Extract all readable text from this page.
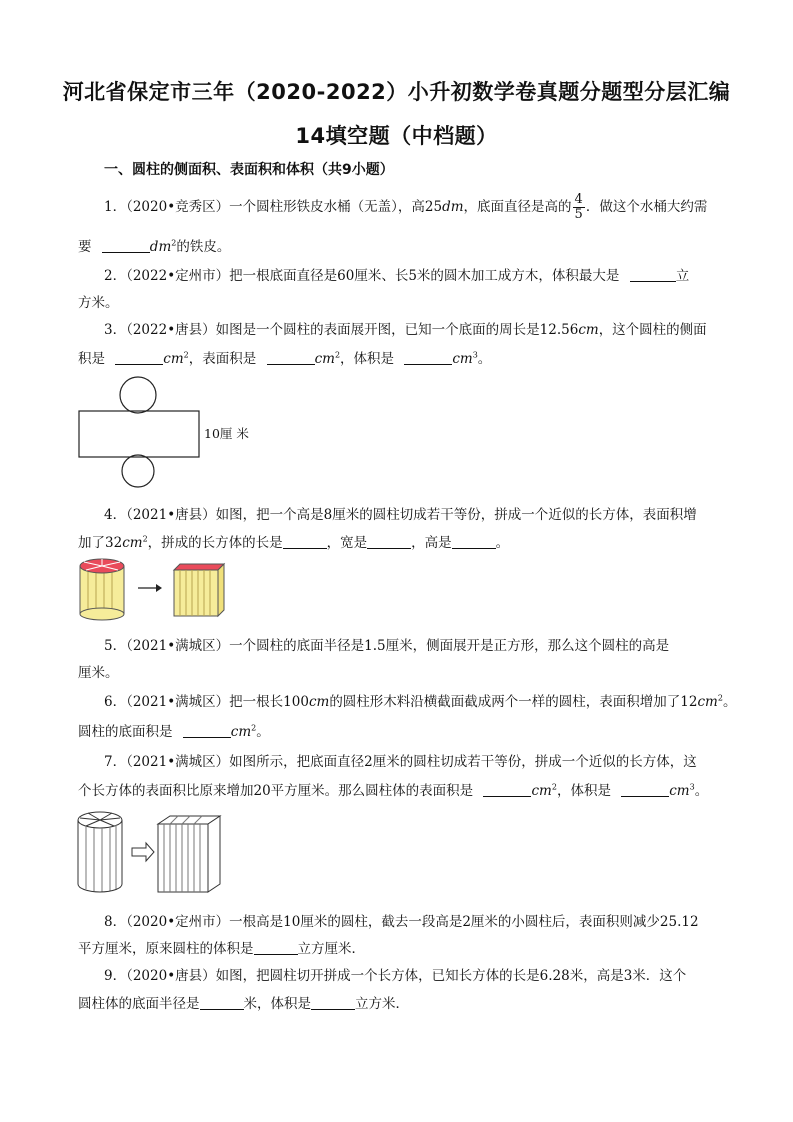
河北省保定市三年（2020-2022）小升初数学卷真题分题型分层汇编
14填空题（中档题）
一、圆柱的侧面积、表面积和体积（共9小题）
1．（2020•竞秀区）一个圆柱形铁皮水桶（无盖），高25dm，底面直径是高的 $\frac{4}{5}$ ．做这个水桶大约需
要	$dm^2$的铁皮。
2．（2022•定州市）把一根底面直径是60厘米、长5米的圆木加工成方木，体积最大是	立
方米。
3．（2022•唐县）如图是一个圆柱的表面展开图，已知一个底面的周长是12.56cm，这个圆柱的侧面
积是	$cm^2$，表面积是	$cm^2$，体积是	$cm^3$。
10厘 米
4．（2021•唐县）如图，把一个高是8厘米的圆柱切成若干等份，拼成一个近似的长方体，表面积增
加了$32cm^2$，拼成的长方体的长是	，宽是	，高是	。
5．（2021•满城区）一个圆柱的底面半径是1.5厘米，侧面展开是正方形，那么这个圆柱的高是
厘米。
6．（2021•满城区）把一根长100cm的圆柱形木料沿横截面截成两个一样的圆柱，表面积增加了$12cm^2$。
圆柱的底面积是	$cm^2$。
7．（2021•满城区）如图所示，把底面直径2厘米的圆柱切成若干等份，拼成一个近似的长方体，这
个长方体的表面积比原来增加20平方厘米。那么圆柱体的表面积是	$cm^2$，体积是	$cm^3$。
8．（2020•定州市）一根高是10厘米的圆柱，截去一段高是2厘米的小圆柱后，表面积则减少25.12
平方厘米，原来圆柱的体积是	立方厘米．
9．（2020•唐县）如图，把圆柱切开拼成一个长方体，已知长方体的长是6.28米，高是3米．这个
圆柱体的底面半径是	米，体积是	立方米．
